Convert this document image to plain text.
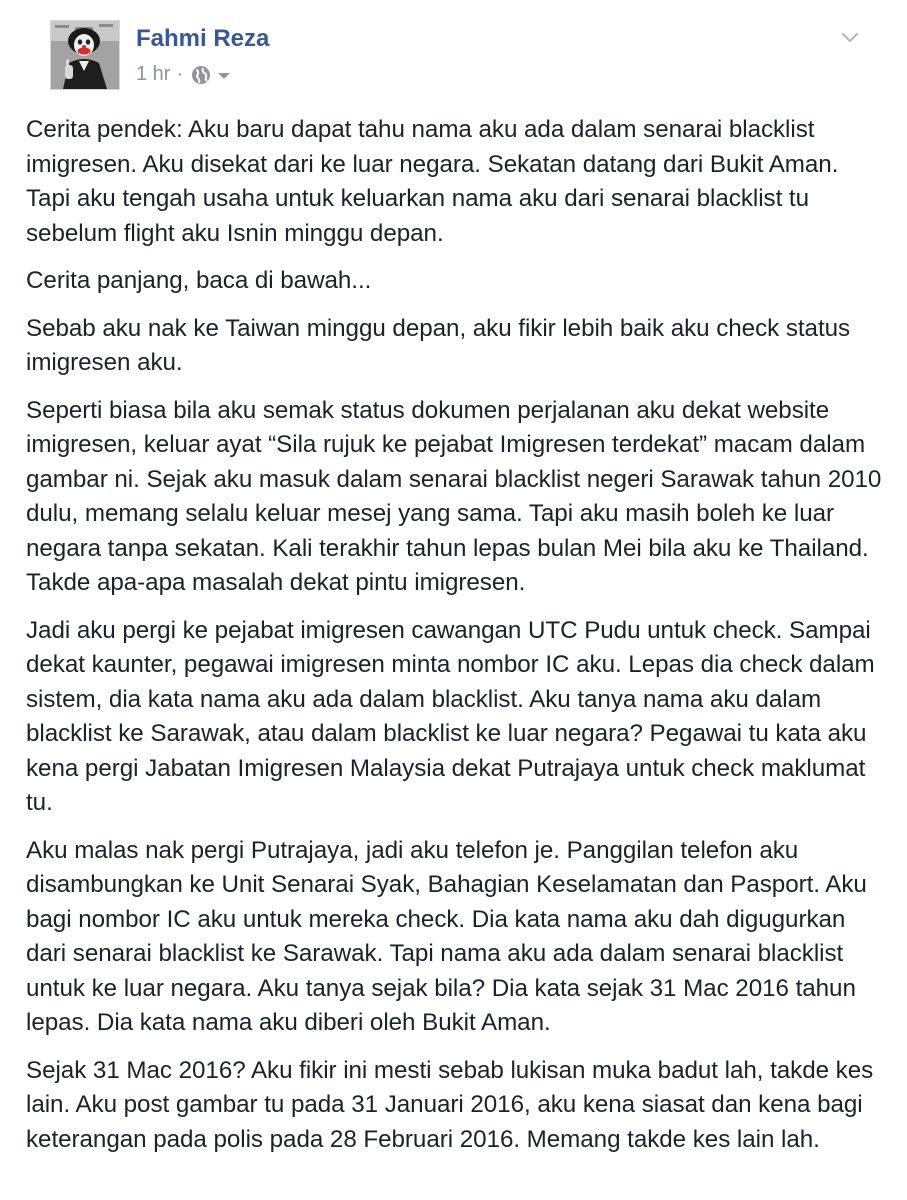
Fahmi Reza
1 hr ·

Cerita pendek: Aku baru dapat tahu nama aku ada dalam senarai blacklist imigresen. Aku disekat dari ke luar negara. Sekatan datang dari Bukit Aman. Tapi aku tengah usaha untuk keluarkan nama aku dari senarai blacklist tu sebelum flight aku Isnin minggu depan.

Cerita panjang, baca di bawah...

Sebab aku nak ke Taiwan minggu depan, aku fikir lebih baik aku check status imigresen aku.

Seperti biasa bila aku semak status dokumen perjalanan aku dekat website imigresen, keluar ayat “Sila rujuk ke pejabat Imigresen terdekat” macam dalam gambar ni. Sejak aku masuk dalam senarai blacklist negeri Sarawak tahun 2010 dulu, memang selalu keluar mesej yang sama. Tapi aku masih boleh ke luar negara tanpa sekatan. Kali terakhir tahun lepas bulan Mei bila aku ke Thailand. Takde apa-apa masalah dekat pintu imigresen.

Jadi aku pergi ke pejabat imigresen cawangan UTC Pudu untuk check. Sampai dekat kaunter, pegawai imigresen minta nombor IC aku. Lepas dia check dalam sistem, dia kata nama aku ada dalam blacklist. Aku tanya nama aku dalam blacklist ke Sarawak, atau dalam blacklist ke luar negara? Pegawai tu kata aku kena pergi Jabatan Imigresen Malaysia dekat Putrajaya untuk check maklumat tu.

Aku malas nak pergi Putrajaya, jadi aku telefon je. Panggilan telefon aku disambungkan ke Unit Senarai Syak, Bahagian Keselamatan dan Pasport. Aku bagi nombor IC aku untuk mereka check. Dia kata nama aku dah digugurkan dari senarai blacklist ke Sarawak. Tapi nama aku ada dalam senarai blacklist untuk ke luar negara. Aku tanya sejak bila? Dia kata sejak 31 Mac 2016 tahun lepas. Dia kata nama aku diberi oleh Bukit Aman.

Sejak 31 Mac 2016? Aku fikir ini mesti sebab lukisan muka badut lah, takde kes lain. Aku post gambar tu pada 31 Januari 2016, aku kena siasat dan kena bagi keterangan pada polis pada 28 Februari 2016. Memang takde kes lain lah.
